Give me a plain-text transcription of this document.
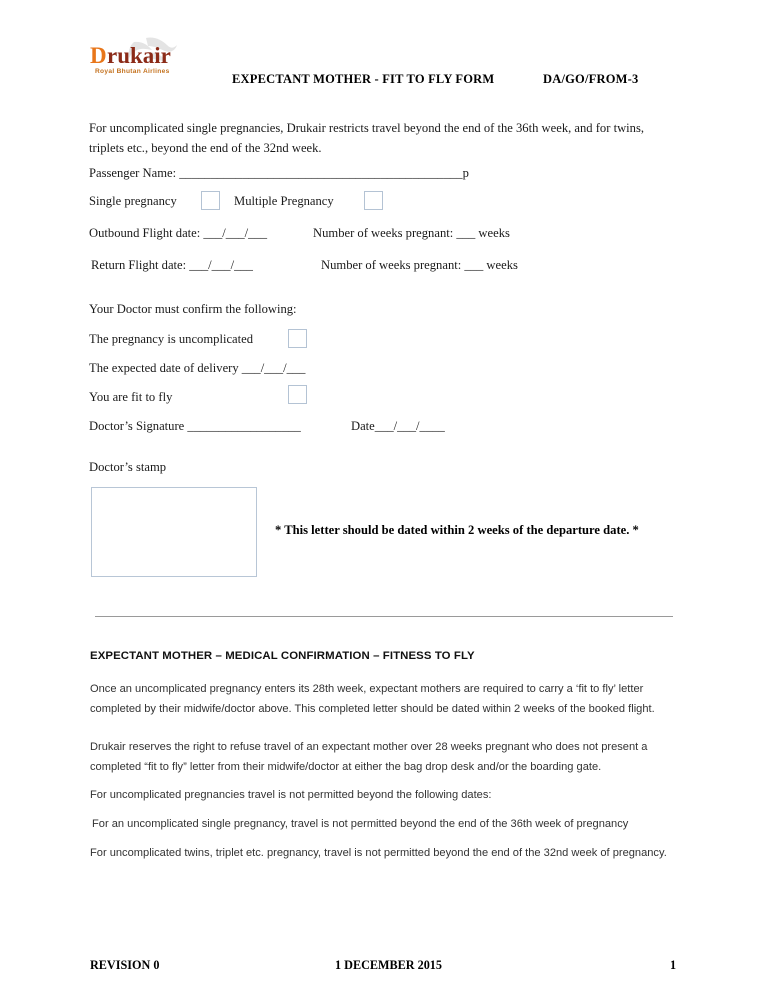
D rukair
Royal Bhutan Airlines
EXPECTANT MOTHER - FIT TO FLY FORM	DA/GO/FROM-3
For uncomplicated single pregnancies, Drukair restricts travel beyond the end of the 36th week, and for twins, triplets etc., beyond the end of the 32nd week.
Passenger Name: _____________________________________________p
Single pregnancy	Multiple Pregnancy
Outbound Flight date: ___/___/___	Number of weeks pregnant: ___ weeks
Return Flight date: ___/___/___	Number of weeks pregnant: ___ weeks
Your Doctor must confirm the following:
The pregnancy is uncomplicated
The expected date of delivery ___/___/___
You are fit to fly
Doctor’s Signature __________________	Date___/___/____
Doctor’s stamp
* This letter should be dated within 2 weeks of the departure date. *
EXPECTANT MOTHER – MEDICAL CONFIRMATION – FITNESS TO FLY
Once an uncomplicated pregnancy enters its 28th week, expectant mothers are required to carry a ‘fit to fly’ letter completed by their midwife/doctor above. This completed letter should be dated within 2 weeks of the booked flight.
Drukair reserves the right to refuse travel of an expectant mother over 28 weeks pregnant who does not present a completed “fit to fly” letter from their midwife/doctor at either the bag drop desk and/or the boarding gate.
For uncomplicated pregnancies travel is not permitted beyond the following dates:
For an uncomplicated single pregnancy, travel is not permitted beyond the end of the 36th week of pregnancy
For uncomplicated twins, triplet etc. pregnancy, travel is not permitted beyond the end of the 32nd week of pregnancy.
REVISION 0	1 DECEMBER 2015	1
